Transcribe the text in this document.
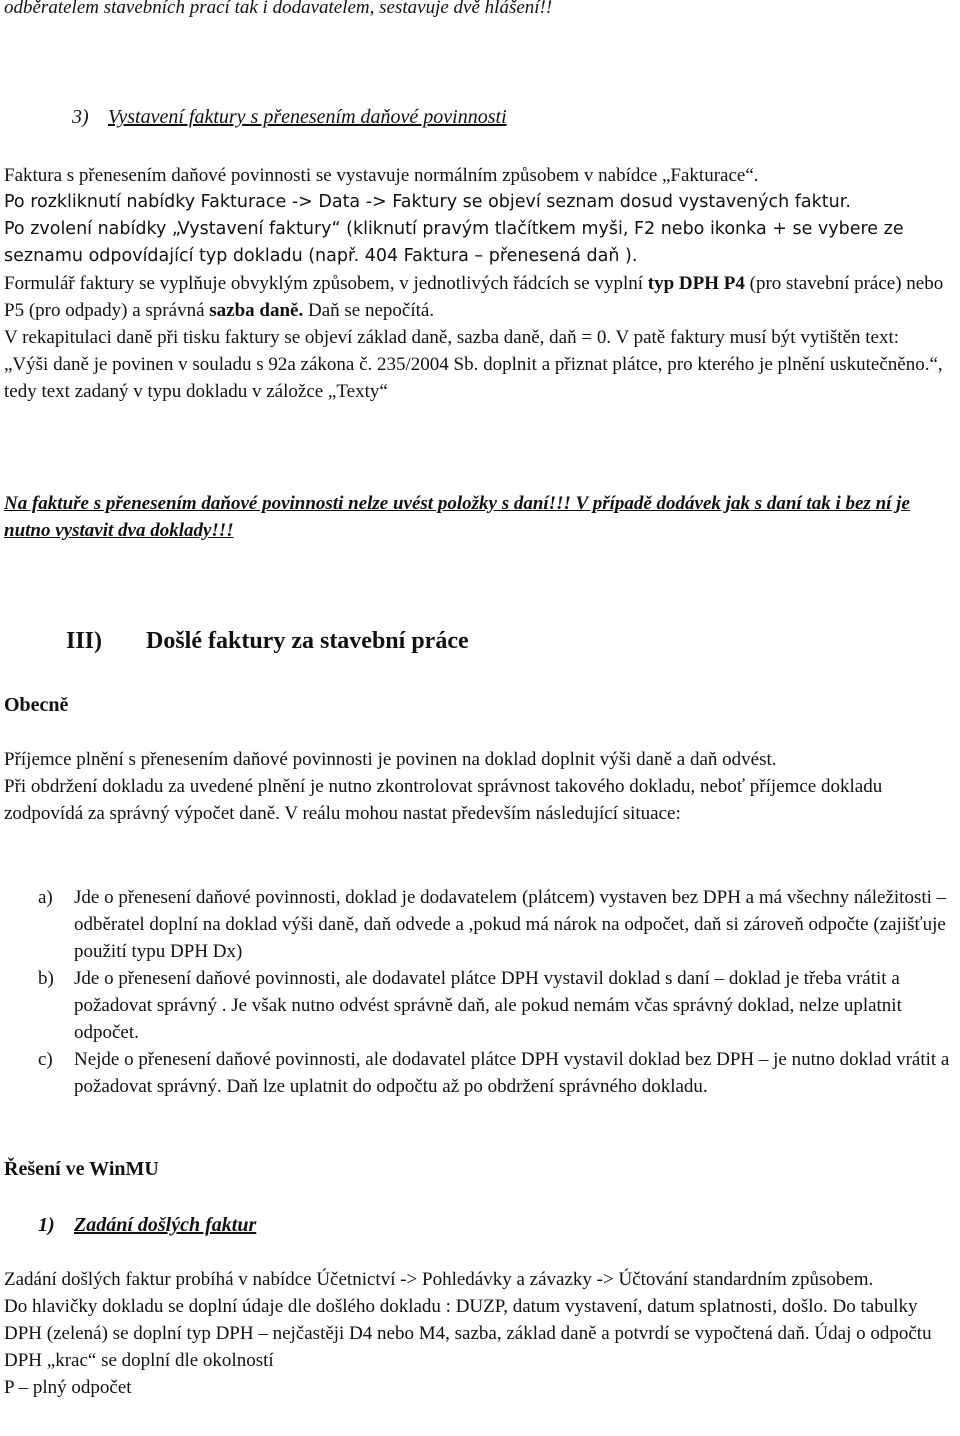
odběratelem stavebních prací tak i dodavatelem, sestavuje dvě hlášení!!
3) Vystavení faktury s přenesením daňové povinnosti

Faktura s přenesením daňové povinnosti se vystavuje normálním způsobem v nabídce „Fakturace“.

Po rozkliknutí nabídky Fakturace -> Data -> Faktury se objeví seznam dosud vystavených faktur.

Po zvolení nabídky „Vystavení faktury“ (kliknutí pravým tlačítkem myši, F2 nebo ikonka + se vybere ze seznamu odpovídající typ dokladu (např. 404 Faktura – přenesená daň ).

Formulář faktury se vyplňuje obvyklým způsobem, v jednotlivých řádcích se vyplní typ DPH P4 (pro stavební práce) nebo P5 (pro odpady) a správná sazba daně. Daň se nepočítá.

V rekapitulaci daně při tisku faktury se objeví základ daně, sazba daně, daň = 0. V patě faktury musí být vytištěn text:

„Výši daně je povinen v souladu s 92a zákona č. 235/2004 Sb. doplnit a přiznat plátce, pro kterého je plnění uskutečněno.“,

tedy text zadaný v typu dokladu v záložce „Texty“

Na faktuře s přenesením daňové povinnosti nelze uvést položky s daní!!! V případě dodávek jak s daní tak i bez ní je nutno vystavit dva doklady!!!
III) Došlé faktury za stavební práce
Obecně

Příjemce plnění s přenesením daňové povinnosti je povinen na doklad doplnit výši daně a daň odvést.

Při obdržení dokladu za uvedené plnění je nutno zkontrolovat správnost takového dokladu, neboť příjemce dokladu zodpovídá za správný výpočet daně. V reálu mohou nastat především následující situace:

a) Jde o přenesení daňové povinnosti, doklad je dodavatelem (plátcem) vystaven bez DPH a má všechny náležitosti – odběratel doplní na doklad výši daně, daň odvede a ,pokud má nárok na odpočet, daň si zároveň odpočte (zajišťuje použití typu DPH Dx)
b) Jde o přenesení daňové povinnosti, ale dodavatel plátce DPH vystavil doklad s daní – doklad je třeba vrátit a požadovat správný . Je však nutno odvést správně daň, ale pokud nemám včas správný doklad, nelze uplatnit odpočet.
c) Nejde o přenesení daňové povinnosti, ale dodavatel plátce DPH vystavil doklad bez DPH – je nutno doklad vrátit a požadovat správný. Daň lze uplatnit do odpočtu až po obdržení správného dokladu.
Řešení ve WinMU
1) Zadání došlých faktur

Zadání došlých faktur probíhá v nabídce Účetnictví -> Pohledávky a závazky -> Účtování standardním způsobem.

Do hlavičky dokladu se doplní údaje dle došlého dokladu : DUZP, datum vystavení, datum splatnosti, došlo. Do tabulky DPH (zelená) se doplní typ DPH – nejčastěji D4 nebo M4, sazba, základ daně a potvrdí se vypočtená daň. Údaj o odpočtu DPH „krac“ se doplní dle okolností

P – plný odpočet
